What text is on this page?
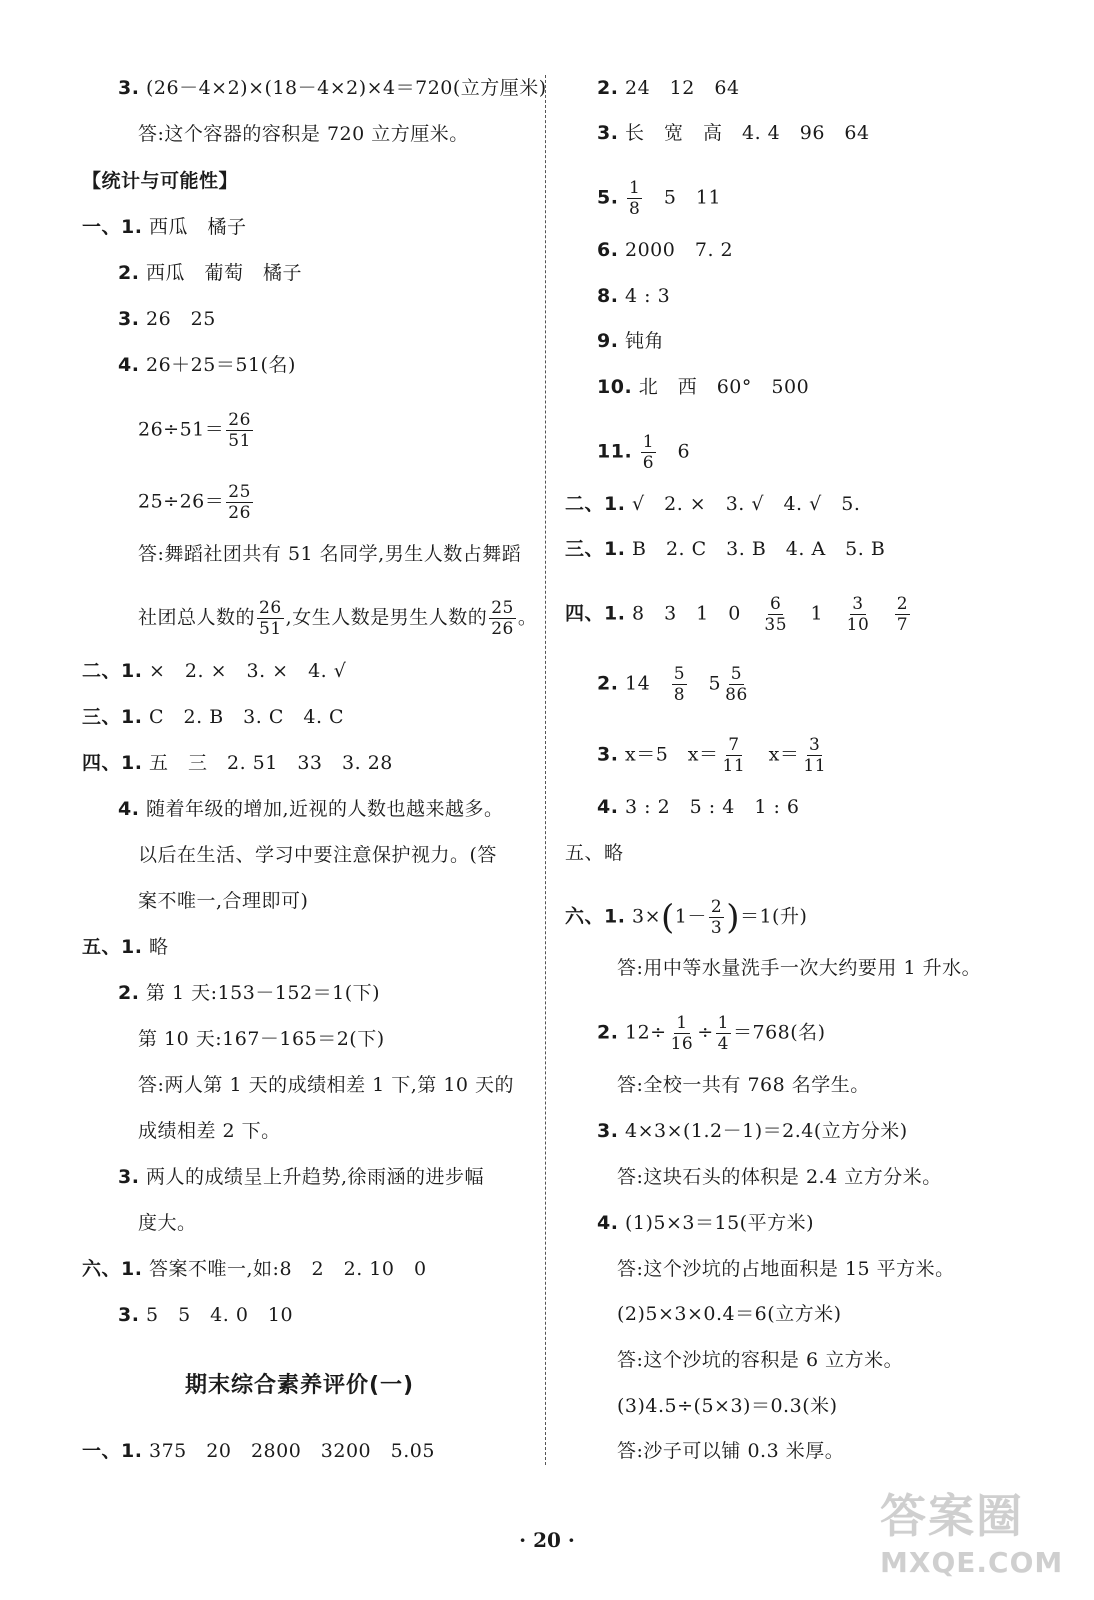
3. (26－4×2)×(18－4×2)×4＝720(立方厘米)
答:这个容器的容积是 720 立方厘米。
【统计与可能性】
一、1. 西瓜　橘子
2. 西瓜　葡萄　橘子
3. 26　25
4. 26＋25＝51(名)
$26\div 51= \frac{26}{51}$
$25\div 26= \frac{25}{26}$
答:舞蹈社团共有 51 名同学,男生人数占舞蹈
社团总人数的 $\frac{26}{51}$ ,女生人数是男生人数的 $\frac{25}{26}$ 。
二、1. ×　2. ×　3. ×　4. √
三、1. C　2. B　3. C　4. C
四、1. 五　三　2. 51　33　3. 28
4. 随着年级的增加,近视的人数也越来越多。
以后在生活、学习中要注意保护视力。(答
案不唯一,合理即可)
五、1. 略
2. 第 1 天:153－152＝1(下)
第 10 天:167－165＝2(下)
答:两人第 1 天的成绩相差 1 下,第 10 天的
成绩相差 2 下。
3. 两人的成绩呈上升趋势,徐雨涵的进步幅
度大。
六、1. 答案不唯一,如:8　2　2. 10　0
3. 5　5　4. 0　10
一、1. 375　20　2800　3200　5.05
期末综合素养评价(一)
2. 24　12　64
3. 长　宽　高　4. 4　96　64
5. $\frac{1}{8}$ 　5　11
6. 2000　7. 2
8. 4 : 3
9. 钝角
10. 北　西　60°　500
11. $\frac{1}{6}$ 　6
二、1. √　2. ×　3. √　4. √　5.
三、1. B　2. C　3. B　4. A　5. B
四、1. 8　3　1　0　 $\frac{6}{35}$ 　1　 $\frac{3}{10}$
　 $\frac{2}{7}$
2. 14　 $\frac{5}{8}$
　 $5 \frac{5}{86}$
3. x＝5　$x= \frac{7}{11}$ 　$x= \frac{3}{11}$
4. 3 : 2　5 : 4　1 : 6
五、略
六、1. $3\times(1- \frac{2}{3} )=1$(升)
答:用中等水量洗手一次大约要用 1 升水。
2. $12\div \frac{1}{16} \div \frac{1}{4} =768$(名)
答:全校一共有 768 名学生。
3. 4×3×(1.2－1)＝2.4(立方分米)
答:这块石头的体积是 2.4 立方分米。
4. (1)5×3＝15(平方米)
答:这个沙坑的占地面积是 15 平方米。
(2)5×3×0.4＝6(立方米)
答:这个沙坑的容积是 6 立方米。
(3)4.5÷(5×3)＝0.3(米)
答:沙子可以铺 0.3 米厚。
· 20 ·	答案圈
MXQE.COM
